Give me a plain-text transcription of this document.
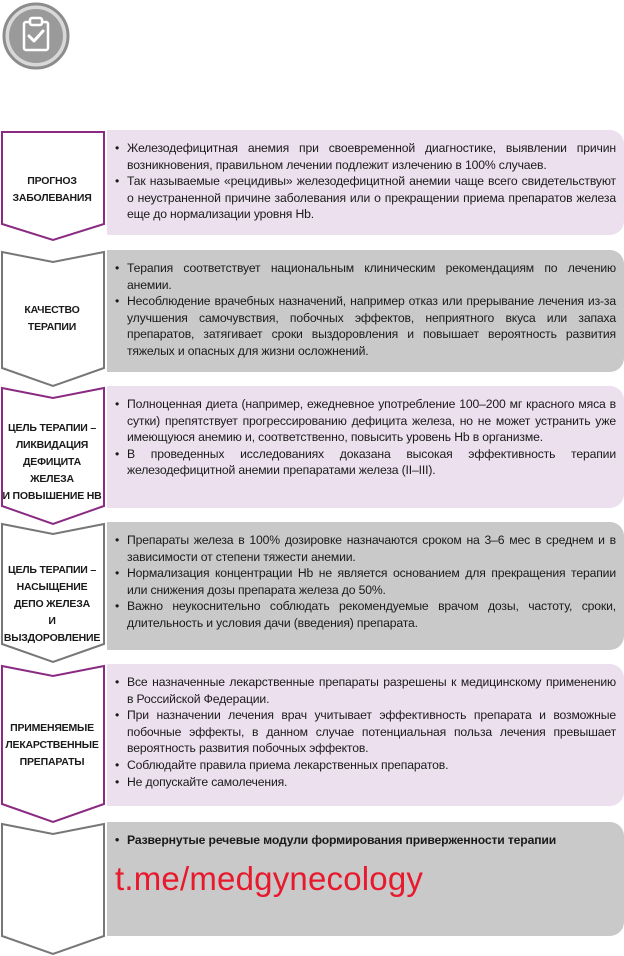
ПРОГНОЗ
ЗАБОЛЕВАНИЯ
• Железодефицитная анемия при своевременной диагностике, выявлении причин возникновения, правильном лечении подлежит излечению в 100% случаев.
• Так называемые «рецидивы» железодефицитной анемии чаще всего свидетельствуют о неустраненной причине заболевания или о прекращении приема препаратов железа еще до нормализации уровня Hb.
КАЧЕСТВО
ТЕРАПИИ
• Терапия соответствует национальным клиническим рекомендациям по лечению анемии.
• Несоблюдение врачебных назначений, например отказ или прерывание лечения из-за улучшения самочувствия, побочных эффектов, неприятного вкуса или запаха препаратов, затягивает сроки выздоровления и повышает вероятность развития тяжелых и опасных для жизни осложнений.
ЦЕЛЬ ТЕРАПИИ –
ЛИКВИДАЦИЯ
ДЕФИЦИТА ЖЕЛЕЗА
И ПОВЫШЕНИЕ HB
• Полноценная диета (например, ежедневное употребление 100–200 мг красного мяса в сутки) препятствует прогрессированию дефицита железа, но не может устранить уже имеющуюся анемию и, соответственно, повысить уровень Hb в организме.
• В проведенных исследованиях доказана высокая эффективность терапии железодефицитной анемии препаратами железа (II–III).
ЦЕЛЬ ТЕРАПИИ –
НАСЫЩЕНИЕ
ДЕПО ЖЕЛЕЗА
И ВЫЗДОРОВЛЕНИЕ
• Препараты железа в 100% дозировке назначаются сроком на 3–6 мес в среднем и в зависимости от степени тяжести анемии.
• Нормализация концентрации Hb не является основанием для прекращения терапии или снижения дозы препарата железа до 50%.
• Важно неукоснительно соблюдать рекомендуемые врачом дозы, частоту, сроки, длительность и условия дачи (введения) препарата.
ПРИМЕНЯЕМЫЕ
ЛЕКАРСТВЕННЫЕ
ПРЕПАРАТЫ
• Все назначенные лекарственные препараты разрешены к медицинскому применению в Российской Федерации.
• При назначении лечения врач учитывает эффективность препарата и возможные побочные эффекты, в данном случае потенциальная польза лечения превышает вероятность развития побочных эффектов.
• Соблюдайте правила приема лекарственных препаратов.
• Не допускайте самолечения.
• Развернутые речевые модули формирования приверженности терапии
t.me/medgynecology
